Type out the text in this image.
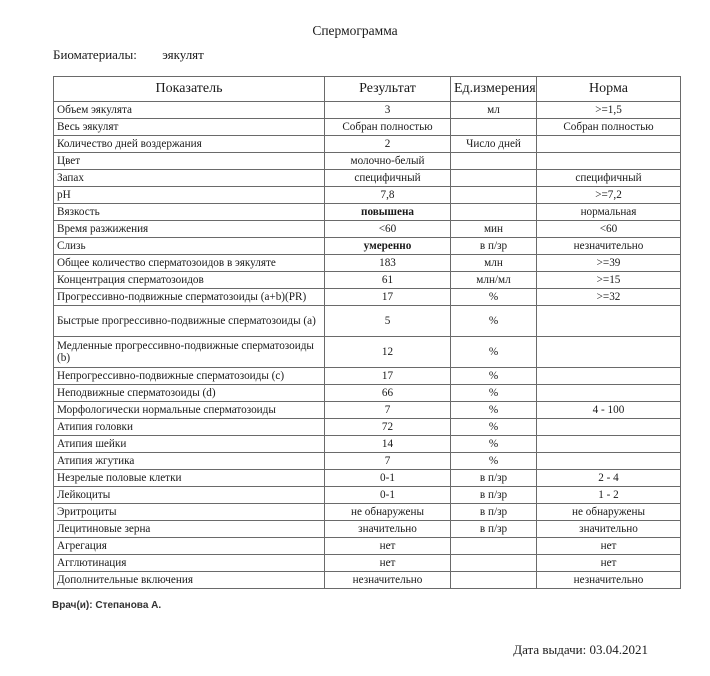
Спермограмма
Биоматериалы: эякулят
Показатель	Результат	Ед.измерения	Норма
Объем эякулята	3	мл	>=1,5
Весь эякулят	Собран полностью		Собран полностью
Количество дней воздержания	2	Число дней	
Цвет	молочно-белый		
Запах	специфичный		специфичный
pH	7,8		>=7,2
Вязкость	повышена		нормальная
Время разжижения	<60	мин	<60
Слизь	умеренно	в п/зр	незначительно
Общее количество сперматозоидов в эякуляте	183	млн	>=39
Концентрация сперматозоидов	61	млн/мл	>=15
Прогрессивно-подвижные сперматозоиды (a+b)(PR)	17	%	>=32
Быстрые прогрессивно-подвижные сперматозоиды (a)	5	%	
Медленные прогрессивно-подвижные сперматозоиды (b)	12	%	
Непрогрессивно-подвижные сперматозоиды (c)	17	%	
Неподвижные сперматозоиды (d)	66	%	
Морфологически нормальные сперматозоиды	7	%	4 - 100
Атипия головки	72	%	
Атипия шейки	14	%	
Атипия жгутика	7	%	
Незрелые половые клетки	0-1	в п/зр	2 - 4
Лейкоциты	0-1	в п/зр	1 - 2
Эритроциты	не обнаружены	в п/зр	не обнаружены
Лецитиновые зерна	значительно	в п/зр	значительно
Агрегация	нет		нет
Агглютинация	нет		нет
Дополнительные включения	незначительно		незначительно
Врач(и): Степанова А.
Дата выдачи: 03.04.2021
